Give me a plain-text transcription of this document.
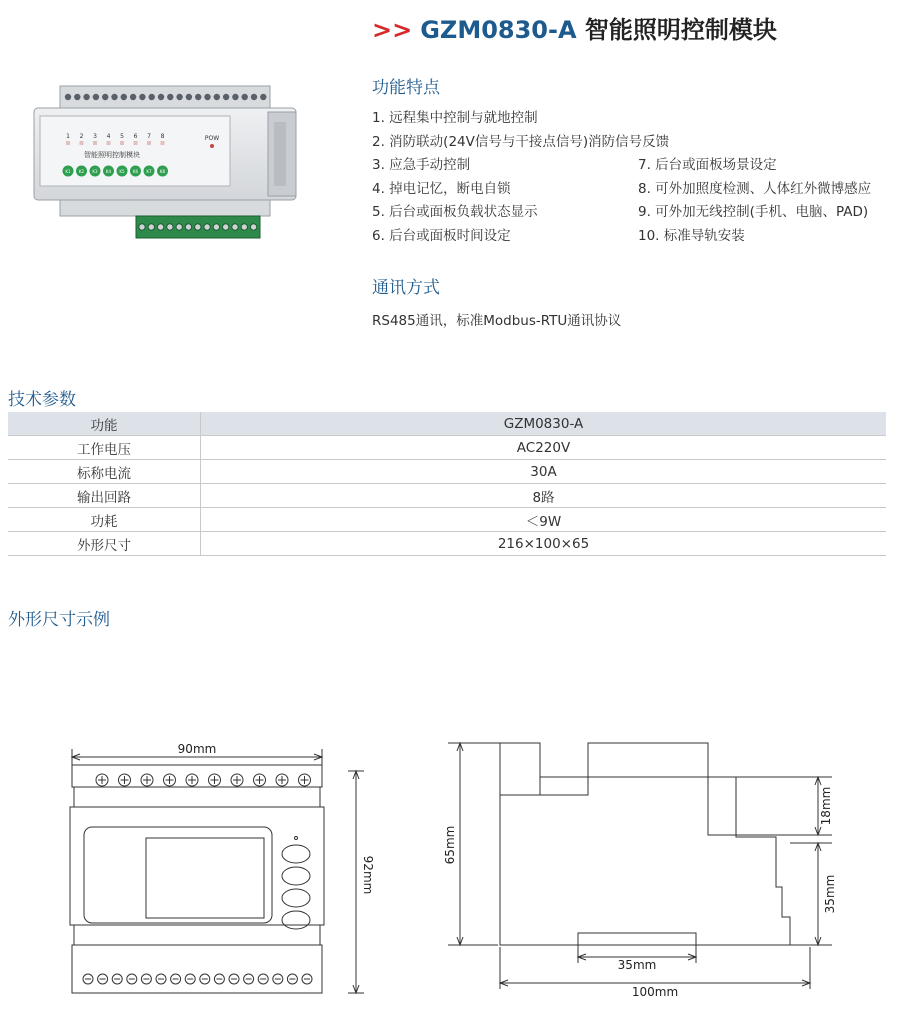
>> GZM0830-A 智能照明控制模块
1 2 3 4 5 6 7 8	POW
智能照明控制模块
K1 K2 K3 K4 K5 K6 K7 K8
功能特点
1. 远程集中控制与就地控制
2. 消防联动(24V信号与干接点信号)消防信号反馈
3. 应急手动控制
4. 掉电记忆，断电自锁
5. 后台或面板负载状态显示
6. 后台或面板时间设定
7. 后台或面板场景设定
8. 可外加照度检测、人体红外微博感应
9. 可外加无线控制(手机、电脑、PAD)
10. 标准导轨安装
通讯方式
RS485通讯，标准Modbus-RTU通讯协议
技术参数
功能	GZM0830-A
工作电压	AC220V
标称电流	30A
输出回路	8路
功耗	＜9W
外形尺寸	216×100×65
外形尺寸示例
90mm
92mm
65mm
18mm
35mm
35mm
100mm
